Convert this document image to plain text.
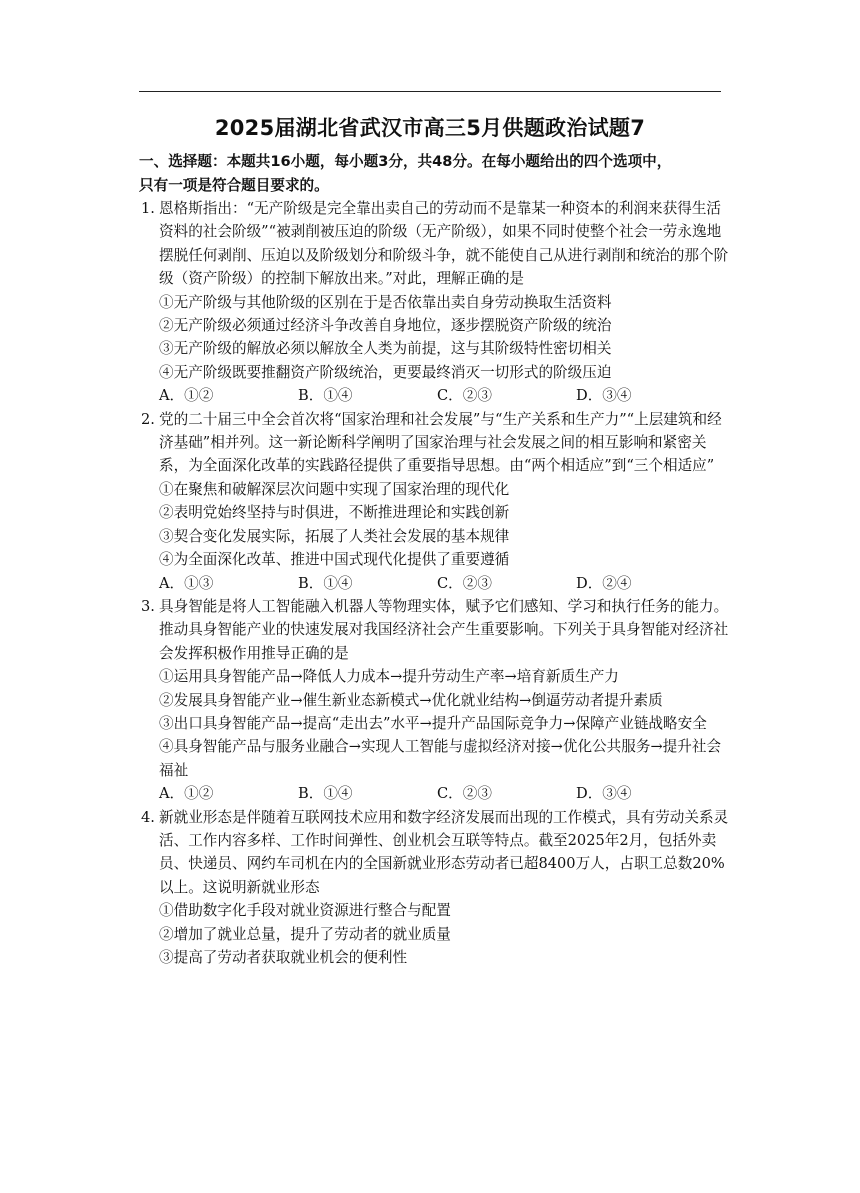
2025届湖北省武汉市高三5月供题政治试题7

一、选择题：本题共16小题，每小题3分，共48分。在每小题给出的四个选项中，

只有一项是符合题目要求的。

1. 恩格斯指出：“无产阶级是完全靠出卖自己的劳动而不是靠某一种资本的利润来获得生活资料的社会阶级”“被剥削被压迫的阶级（无产阶级），如果不同时使整个社会一劳永逸地摆脱任何剥削、压迫以及阶级划分和阶级斗争，就不能使自己从进行剥削和统治的那个阶级（资产阶级）的控制下解放出来。”对此，理解正确的是

①无产阶级与其他阶级的区别在于是否依靠出卖自身劳动换取生活资料

②无产阶级必须通过经济斗争改善自身地位，逐步摆脱资产阶级的统治

③无产阶级的解放必须以解放全人类为前提，这与其阶级特性密切相关

④无产阶级既要推翻资产阶级统治，更要最终消灭一切形式的阶级压迫

A．①②	B．①④	C．②③	D．③④
2. 党的二十届三中全会首次将“国家治理和社会发展”与“生产关系和生产力”“上层建筑和经济基础”相并列。这一新论断科学阐明了国家治理与社会发展之间的相互影响和紧密关系，为全面深化改革的实践路径提供了重要指导思想。由“两个相适应”到“三个相适应”

①在聚焦和破解深层次问题中实现了国家治理的现代化

②表明党始终坚持与时俱进，不断推进理论和实践创新

③契合变化发展实际，拓展了人类社会发展的基本规律

④为全面深化改革、推进中国式现代化提供了重要遵循

A．①③	B．①④	C．②③	D．②④
3. 具身智能是将人工智能融入机器人等物理实体，赋予它们感知、学习和执行任务的能力。推动具身智能产业的快速发展对我国经济社会产生重要影响。下列关于具身智能对经济社会发挥积极作用推导正确的是

①运用具身智能产品→降低人力成本→提升劳动生产率→培育新质生产力

②发展具身智能产业→催生新业态新模式→优化就业结构→倒逼劳动者提升素质

③出口具身智能产品→提高“走出去”水平→提升产品国际竞争力→保障产业链战略安全

④具身智能产品与服务业融合→实现人工智能与虚拟经济对接→优化公共服务→提升社会福祉

A．①②	B．①④	C．②③	D．③④
4. 新就业形态是伴随着互联网技术应用和数字经济发展而出现的工作模式，具有劳动关系灵活、工作内容多样、工作时间弹性、创业机会互联等特点。截至2025年2月，包括外卖员、快递员、网约车司机在内的全国新就业形态劳动者已超8400万人，占职工总数20%以上。这说明新就业形态

①借助数字化手段对就业资源进行整合与配置

②增加了就业总量，提升了劳动者的就业质量

③提高了劳动者获取就业机会的便利性
